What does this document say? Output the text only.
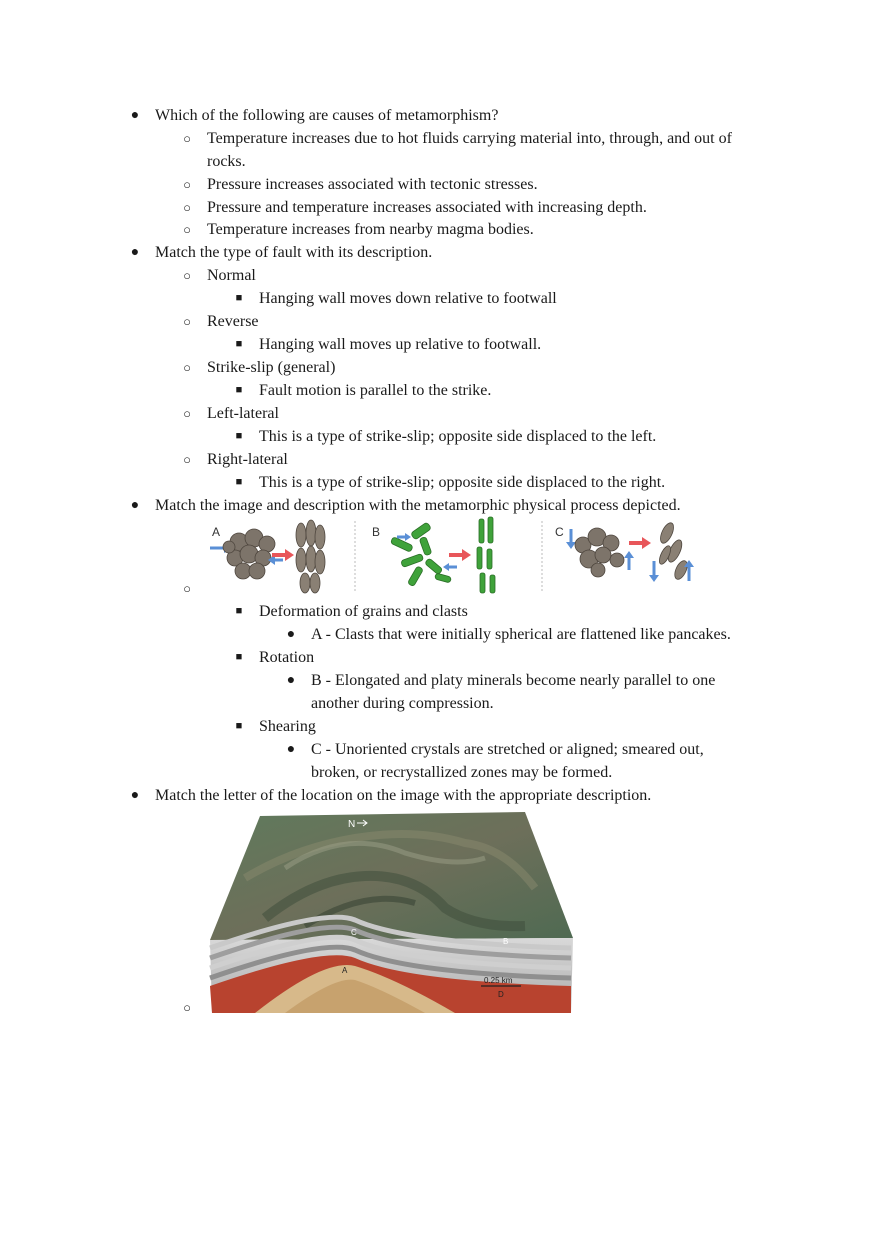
● Which of the following are causes of metamorphism?
○	Temperature increases due to hot fluids carrying material into, through, and out of
rocks.
○	Pressure increases associated with tectonic stresses.
○	Pressure and temperature increases associated with increasing depth.
○	Temperature increases from nearby magma bodies.
● Match the type of fault with its description.
○	Normal
■	Hanging wall moves down relative to footwall
○	Reverse
■	Hanging wall moves up relative to footwall.
○	Strike-slip (general)
■	Fault motion is parallel to the strike.
○	Left-lateral
■	This is a type of strike-slip; opposite side displaced to the left.
○	Right-lateral
■	This is a type of strike-slip; opposite side displaced to the right.
● Match the image and description with the metamorphic physical process depicted.
A	B	C
○
■	Deformation of grains and clasts
● A - Clasts that were initially spherical are flattened like pancakes.
■	Rotation
● B - Elongated and platy minerals become nearly parallel to one
another during compression.
■	Shearing
● C - Unoriented crystals are stretched or aligned; smeared out,
broken, or recrystallized zones may be formed.
● Match the letter of the location on the image with the appropriate description.
N
C
A
B
0.25 km
D
○
